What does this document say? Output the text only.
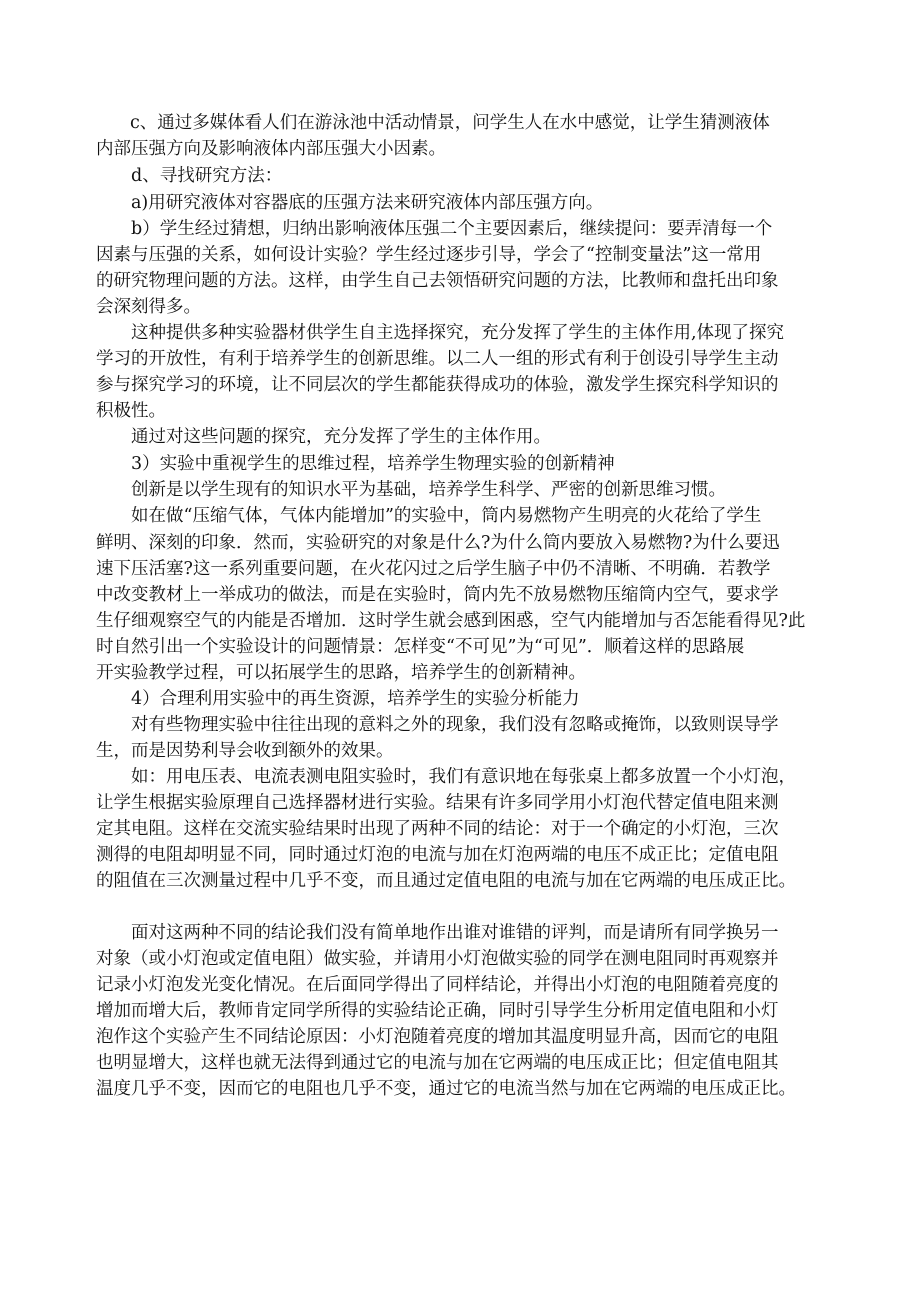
c、通过多媒体看人们在游泳池中活动情景，问学生人在水中感觉，让学生猜测液体
内部压强方向及影响液体内部压强大小因素。
d、寻找研究方法：
a)用研究液体对容器底的压强方法来研究液体内部压强方向。
b）学生经过猜想，归纳出影响液体压强二个主要因素后，继续提问：要弄清每一个
因素与压强的关系，如何设计实验？学生经过逐步引导，学会了“控制变量法”这一常用
的研究物理问题的方法。这样，由学生自己去领悟研究问题的方法，比教师和盘托出印象
会深刻得多。
这种提供多种实验器材供学生自主选择探究，充分发挥了学生的主体作用,体现了探究
学习的开放性，有利于培养学生的创新思维。以二人一组的形式有利于创设引导学生主动
参与探究学习的环境，让不同层次的学生都能获得成功的体验，激发学生探究科学知识的
积极性。
通过对这些问题的探究，充分发挥了学生的主体作用。
3）实验中重视学生的思维过程，培养学生物理实验的创新精神
创新是以学生现有的知识水平为基础，培养学生科学、严密的创新思维习惯。
如在做“压缩气体，气体内能增加”的实验中，筒内易燃物产生明亮的火花给了学生
鲜明、深刻的印象．然而，实验研究的对象是什么?为什么筒内要放入易燃物?为什么要迅
速下压活塞?这一系列重要问题，在火花闪过之后学生脑子中仍不清晰、不明确．若教学
中改变教材上一举成功的做法，而是在实验时，筒内先不放易燃物压缩筒内空气，要求学
生仔细观察空气的内能是否增加．这时学生就会感到困惑，空气内能增加与否怎能看得见?此
时自然引出一个实验设计的问题情景：怎样变“不可见”为“可见”．顺着这样的思路展
开实验教学过程，可以拓展学生的思路，培养学生的创新精神。
4）合理利用实验中的再生资源，培养学生的实验分析能力
对有些物理实验中往往出现的意料之外的现象，我们没有忽略或掩饰，以致则误导学
生，而是因势利导会收到额外的效果。
如：用电压表、电流表测电阻实验时，我们有意识地在每张桌上都多放置一个小灯泡，
让学生根据实验原理自己选择器材进行实验。结果有许多同学用小灯泡代替定值电阻来测
定其电阻。这样在交流实验结果时出现了两种不同的结论：对于一个确定的小灯泡，三次
测得的电阻却明显不同，同时通过灯泡的电流与加在灯泡两端的电压不成正比；定值电阻
的阻值在三次测量过程中几乎不变，而且通过定值电阻的电流与加在它两端的电压成正比。
面对这两种不同的结论我们没有简单地作出谁对谁错的评判，而是请所有同学换另一
对象（或小灯泡或定值电阻）做实验，并请用小灯泡做实验的同学在测电阻同时再观察并
记录小灯泡发光变化情况。在后面同学得出了同样结论，并得出小灯泡的电阻随着亮度的
增加而增大后，教师肯定同学所得的实验结论正确，同时引导学生分析用定值电阻和小灯
泡作这个实验产生不同结论原因：小灯泡随着亮度的增加其温度明显升高，因而它的电阻
也明显增大，这样也就无法得到通过它的电流与加在它两端的电压成正比；但定值电阻其
温度几乎不变，因而它的电阻也几乎不变，通过它的电流当然与加在它两端的电压成正比。
